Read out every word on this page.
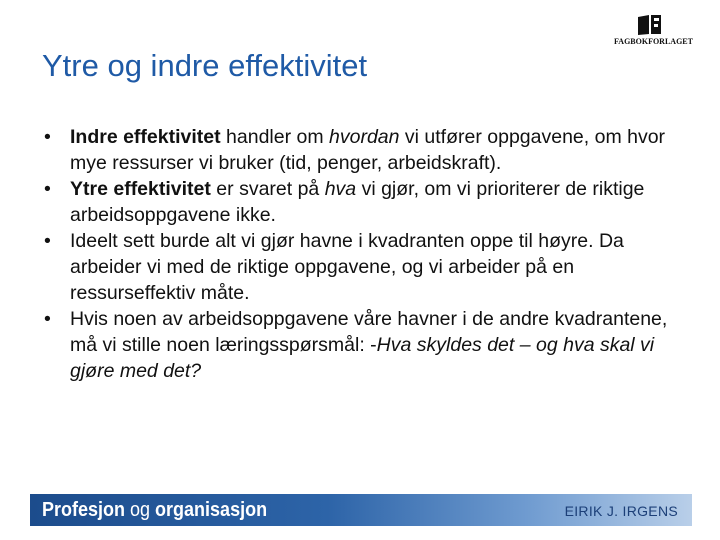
FAGBOKFORLAGET
Ytre og indre effektivitet
• Indre effektivitet handler om hvordan vi utfører oppgavene, om hvor mye ressurser vi bruker (tid, penger, arbeidskraft).
• Ytre effektivitet er svaret på hva vi gjør, om vi prioriterer de riktige arbeidsoppgavene ikke.
• Ideelt sett burde alt vi gjør havne i kvadranten oppe til høyre. Da arbeider vi med de riktige oppgavene, og vi arbeider på en ressurseffektiv måte.
• Hvis noen av arbeidsoppgavene våre havner i de andre kvadrantene, må vi stille noen læringsspørsmål: -Hva skyldes det – og hva skal vi gjøre med det?
Profesjon og organisasjon	EIRIK J. IRGENS
